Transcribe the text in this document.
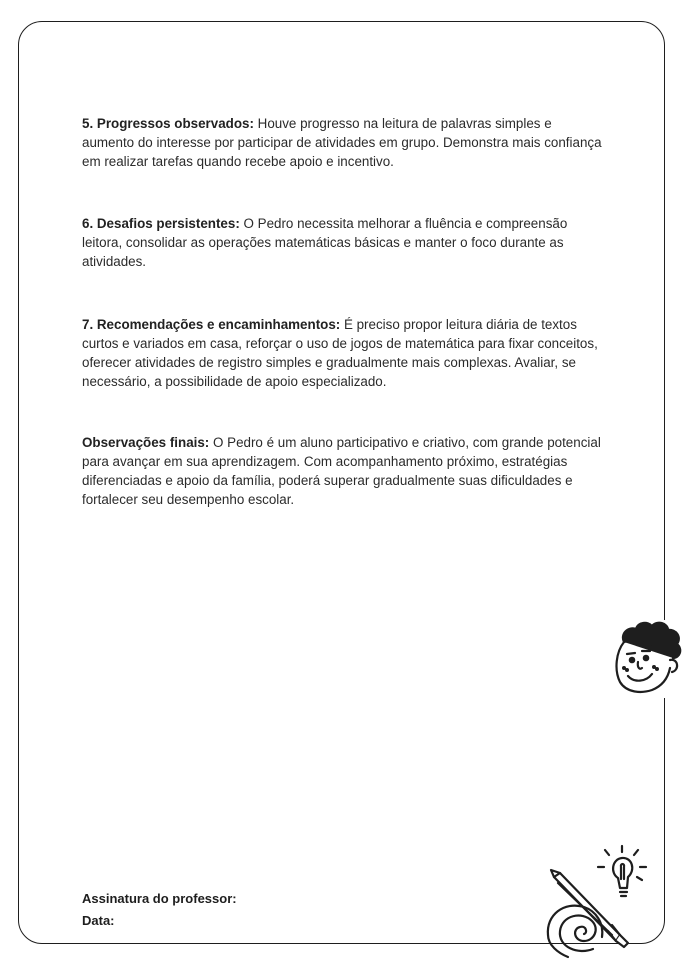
5. Progressos observados: Houve progresso na leitura de palavras simples e aumento do interesse por participar de atividades em grupo. Demonstra mais confiança em realizar tarefas quando recebe apoio e incentivo.
6. Desafios persistentes: O Pedro necessita melhorar a fluência e compreensão leitora, consolidar as operações matemáticas básicas e manter o foco durante as atividades.
7. Recomendações e encaminhamentos: É preciso propor leitura diária de textos curtos e variados em casa, reforçar o uso de jogos de matemática para fixar conceitos, oferecer atividades de registro simples e gradualmente mais complexas. Avaliar, se necessário, a possibilidade de apoio especializado.
Observações finais: O Pedro é um aluno participativo e criativo, com grande potencial para avançar em sua aprendizagem. Com acompanhamento próximo, estratégias diferenciadas e apoio da família, poderá superar gradualmente suas dificuldades e fortalecer seu desempenho escolar.
Assinatura do professor:
Data:
